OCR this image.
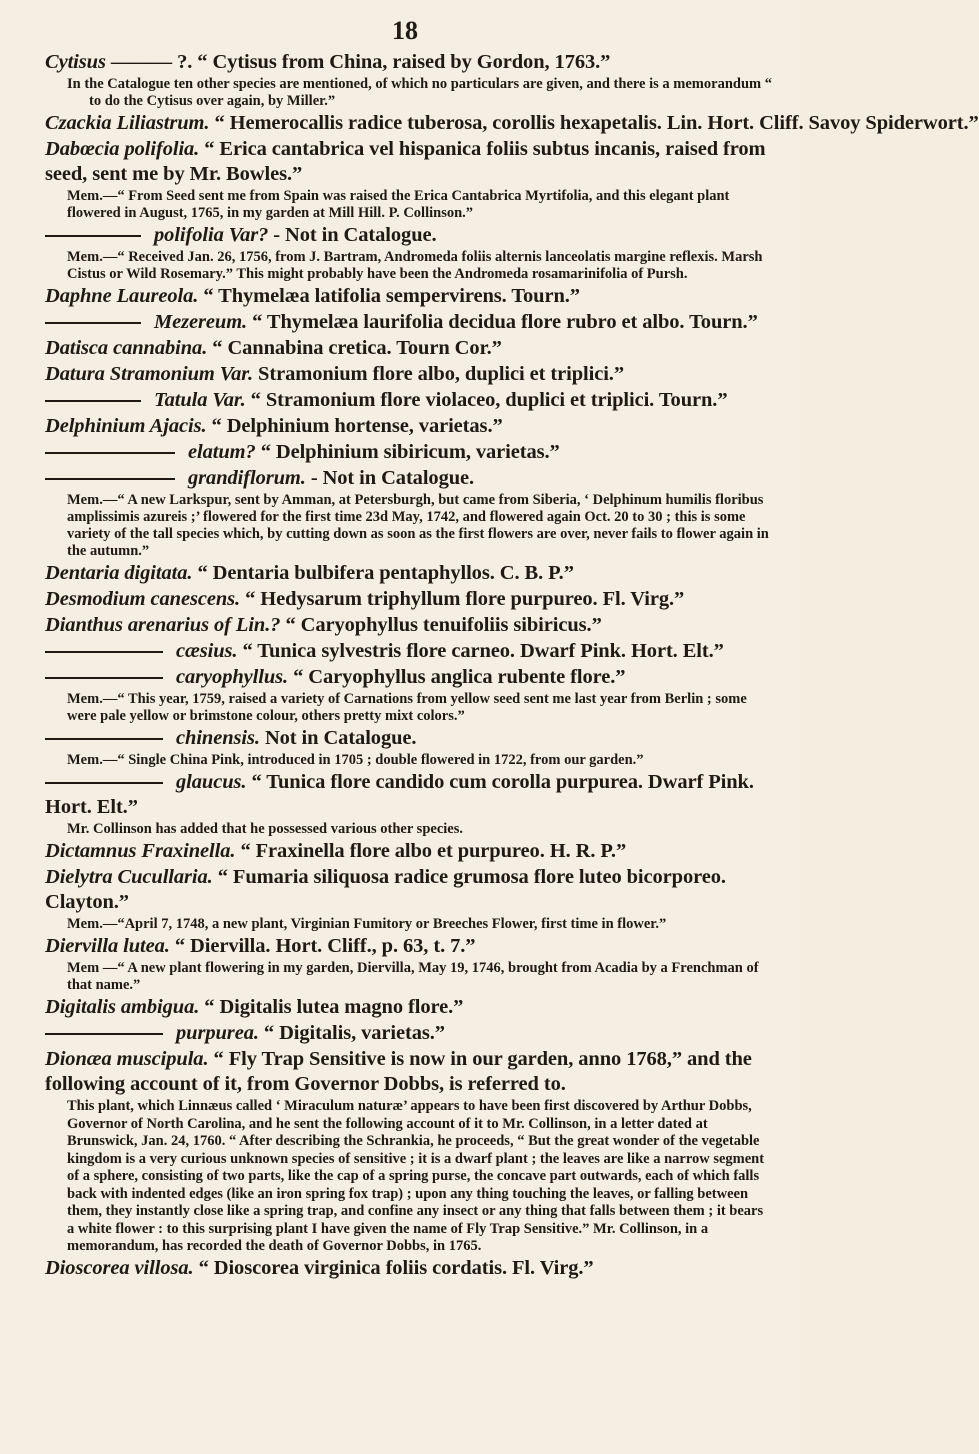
18
Cytisus ——— ?. “ Cytisus from China, raised by Gordon, 1763.”
In the Catalogue ten other species are mentioned, of which no particulars are given, and there is a memorandum “ to do the Cytisus over again, by Miller.”
Czackia Liliastrum. “ Hemerocallis radice tuberosa, corollis hexapetalis. Lin. Hort. Cliff. Savoy Spiderwort.”
Dabœcia polifolia. “ Erica cantabrica vel hispanica foliis subtus incanis, raised from seed, sent me by Mr. Bowles.”
Mem.—“ From Seed sent me from Spain was raised the Erica Cantabrica Myrtifolia, and this elegant plant flowered in August, 1765, in my garden at Mill Hill. P. Collinson.”
polifolia Var? - Not in Catalogue.
Mem.—“ Received Jan. 26, 1756, from J. Bartram, Andromeda foliis alternis lanceolatis margine reflexis. Marsh Cistus or Wild Rosemary.” This might probably have been the Andromeda rosamarinifolia of Pursh.
Daphne Laureola. “ Thymelæa latifolia sempervirens. Tourn.”
Mezereum. “ Thymelæa laurifolia decidua flore rubro et albo. Tourn.”
Datisca cannabina. “ Cannabina cretica. Tourn Cor.”
Datura Stramonium Var. Stramonium flore albo, duplici et triplici.”
Tatula Var. “ Stramonium flore violaceo, duplici et triplici. Tourn.”
Delphinium Ajacis. “ Delphinium hortense, varietas.”
elatum? “ Delphinium sibiricum, varietas.”
grandiflorum. - Not in Catalogue.
Mem.—“ A new Larkspur, sent by Amman, at Petersburgh, but came from Siberia, ‘ Delphinum humilis floribus amplissimis azureis ;’ flowered for the first time 23d May, 1742, and flowered again Oct. 20 to 30 ; this is some variety of the tall species which, by cutting down as soon as the first flowers are over, never fails to flower again in the autumn.”
Dentaria digitata. “ Dentaria bulbifera pentaphyllos. C. B. P.”
Desmodium canescens. “ Hedysarum triphyllum flore purpureo. Fl. Virg.”
Dianthus arenarius of Lin.? “ Caryophyllus tenuifoliis sibiricus.”
cæsius. “ Tunica sylvestris flore carneo. Dwarf Pink. Hort. Elt.”
caryophyllus. “ Caryophyllus anglica rubente flore.”
Mem.—“ This year, 1759, raised a variety of Carnations from yellow seed sent me last year from Berlin ; some were pale yellow or brimstone colour, others pretty mixt colors.”
chinensis. Not in Catalogue.
Mem.—“ Single China Pink, introduced in 1705 ; double flowered in 1722, from our garden.”
glaucus. “ Tunica flore candido cum corolla purpurea. Dwarf Pink. Hort. Elt.”
Mr. Collinson has added that he possessed various other species.
Dictamnus Fraxinella. “ Fraxinella flore albo et purpureo. H. R. P.”
Dielytra Cucullaria. “ Fumaria siliquosa radice grumosa flore luteo bicorporeo. Clayton.”
Mem.—“April 7, 1748, a new plant, Virginian Fumitory or Breeches Flower, first time in flower.”
Diervilla lutea. “ Diervilla. Hort. Cliff., p. 63, t. 7.”
Mem —“ A new plant flowering in my garden, Diervilla, May 19, 1746, brought from Acadia by a Frenchman of that name.”
Digitalis ambigua. “ Digitalis lutea magno flore.”
purpurea. “ Digitalis, varietas.”
Dionæa muscipula. “ Fly Trap Sensitive is now in our garden, anno 1768,” and the following account of it, from Governor Dobbs, is referred to.
This plant, which Linnæus called ‘ Miraculum naturæ’ appears to have been first discovered by Arthur Dobbs, Governor of North Carolina, and he sent the following account of it to Mr. Collinson, in a letter dated at Brunswick, Jan. 24, 1760. “ After describing the Schrankia, he proceeds, “ But the great wonder of the vegetable kingdom is a very curious unknown species of sensitive ; it is a dwarf plant ; the leaves are like a narrow segment of a sphere, consisting of two parts, like the cap of a spring purse, the concave part outwards, each of which falls back with indented edges (like an iron spring fox trap) ; upon any thing touching the leaves, or falling between them, they instantly close like a spring trap, and confine any insect or any thing that falls between them ; it bears a white flower : to this surprising plant I have given the name of Fly Trap Sensitive.” Mr. Collinson, in a memorandum, has recorded the death of Governor Dobbs, in 1765.
Dioscorea villosa. “ Dioscorea virginica foliis cordatis. Fl. Virg.”
